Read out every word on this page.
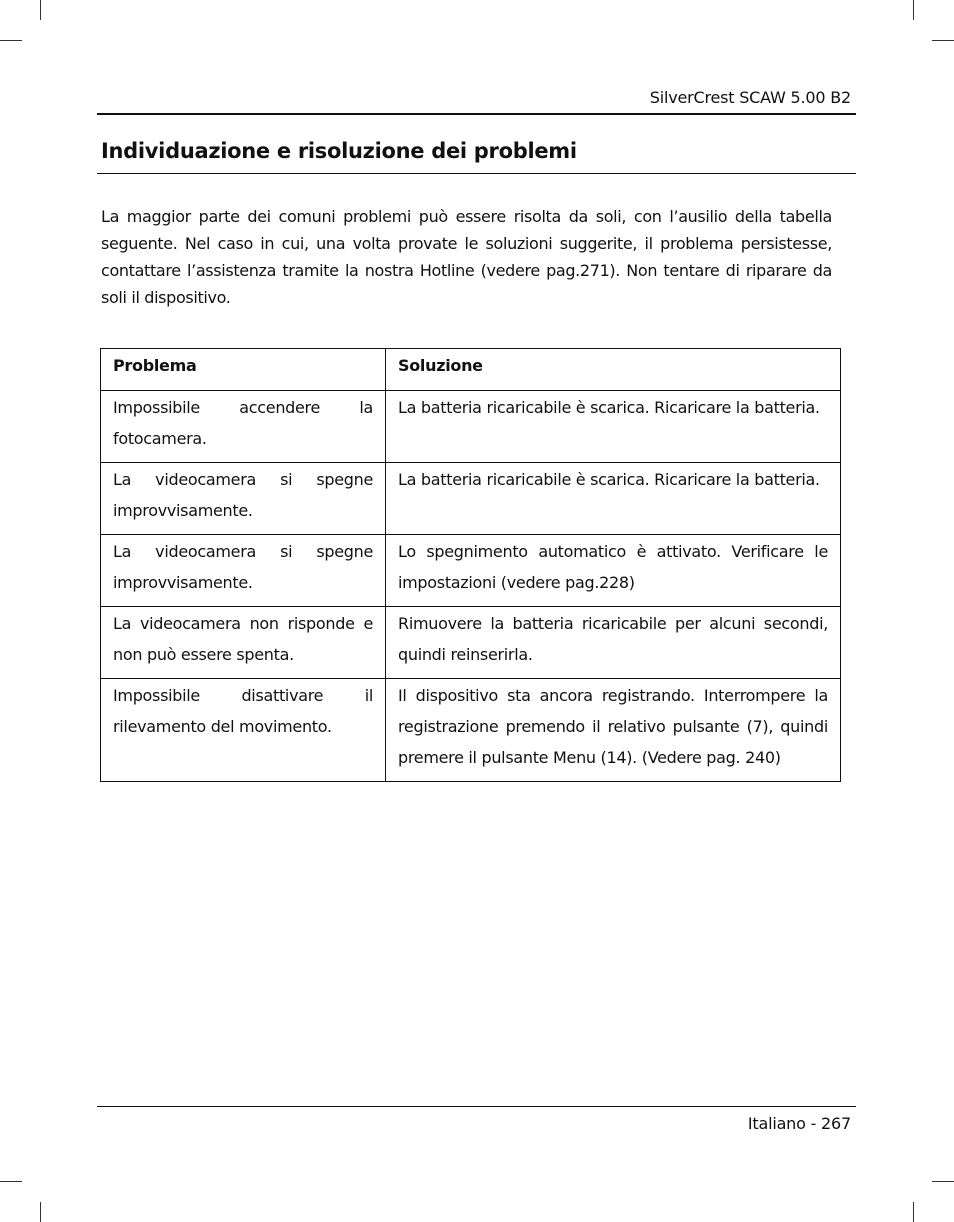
SilverCrest SCAW 5.00 B2
Individuazione e risoluzione dei problemi

La maggior parte dei comuni problemi può essere risolta da soli, con l’ausilio della tabella seguente. Nel caso in cui, una volta provate le soluzioni suggerite, il problema persistesse, contattare l’assistenza tramite la nostra Hotline (vedere pag.271). Non tentare di riparare da soli il dispositivo.

Problema	Soluzione
Impossibile accendere la fotocamera.	La batteria ricaricabile è scarica. Ricaricare la batteria.
La videocamera si spegne improvvisamente.	La batteria ricaricabile è scarica. Ricaricare la batteria.
La videocamera si spegne improvvisamente.	Lo spegnimento automatico è attivato. Verificare le impostazioni (vedere pag.228)
La videocamera non risponde e non può essere spenta.	Rimuovere la batteria ricaricabile per alcuni secondi, quindi reinserirla.
Impossibile disattivare il rilevamento del movimento.	Il dispositivo sta ancora registrando. Interrompere la registrazione premendo il relativo pulsante (7), quindi premere il pulsante Menu (14). (Vedere pag. 240)
Italiano - 267
